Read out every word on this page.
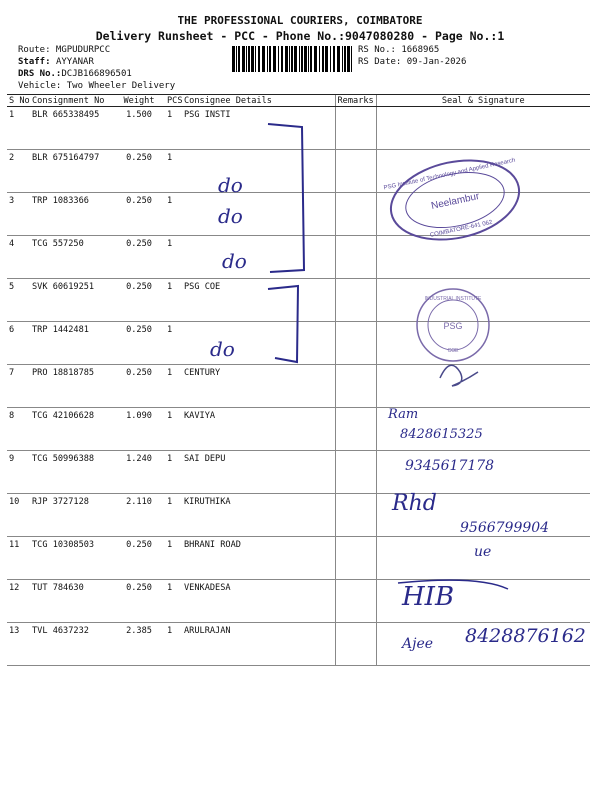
THE PROFESSIONAL COURIERS, COIMBATORE
Delivery Runsheet - PCC - Phone No.:9047080280 - Page No.:1
Route: MGPUDURPCC
Staff: AYYANAR
DRS No.:DCJB166896501
Vehicle: Two Wheeler Delivery
RS No.: 1668965
RS Date: 09-Jan-2026
S No	Consignment No	Weight	PCS	Consignee Details	Remarks	Seal & Signature
1	BLR 665338495	1.500	1	PSG INSTI		
2	BLR 675164797	0.250	1			
3	TRP 1083366	0.250	1			
4	TCG 557250	0.250	1			
5	SVK 60619251	0.250	1	PSG COE		
6	TRP 1442481	0.250	1			
7	PRO 18818785	0.250	1	CENTURY		
8	TCG 42106628	1.090	1	KAVIYA		
9	TCG 50996388	1.240	1	SAI DEPU		
10	RJP 3727128	2.110	1	KIRUTHIKA		
11	TCG 10308503	0.250	1	BHRANI ROAD		
12	TUT 784630	0.250	1	VENKADESA		
13	TVL 4637232	2.385	1	ARULRAJAN		
do
do
do
do
PSG Institute of Technology and Applied Research
Neelambur
COIMBATORE-641 062
INDUSTRIAL INSTITUTE
PSG
COE
Ram
8428615325
9345617178
Rhd
9566799904
ue
HIB
Ajee 8428876162
